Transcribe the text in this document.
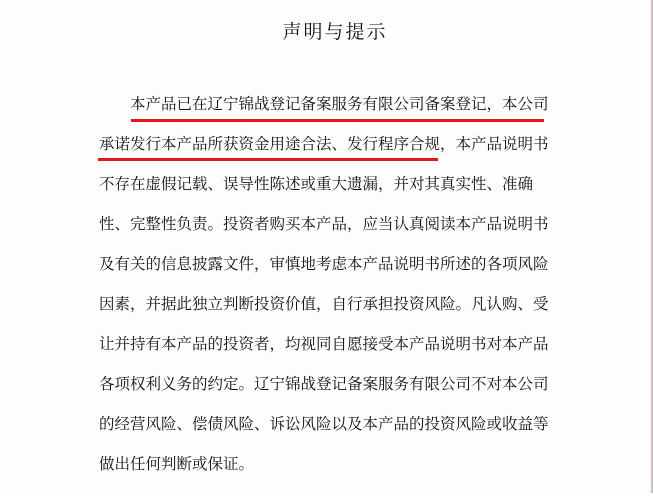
声明与提示
本产品已在辽宁锦战登记备案服务有限公司备案登记，本公司
承诺发行本产品所获资金用途合法、发行程序合规，本产品说明书
不存在虚假记载、误导性陈述或重大遗漏，并对其真实性、准确
性、完整性负责。投资者购买本产品，应当认真阅读本产品说明书
及有关的信息披露文件，审慎地考虑本产品说明书所述的各项风险
因素，并据此独立判断投资价值，自行承担投资风险。凡认购、受
让并持有本产品的投资者，均视同自愿接受本产品说明书对本产品
各项权利义务的约定。辽宁锦战登记备案服务有限公司不对本公司
的经营风险、偿债风险、诉讼风险以及本产品的投资风险或收益等
做出任何判断或保证。
